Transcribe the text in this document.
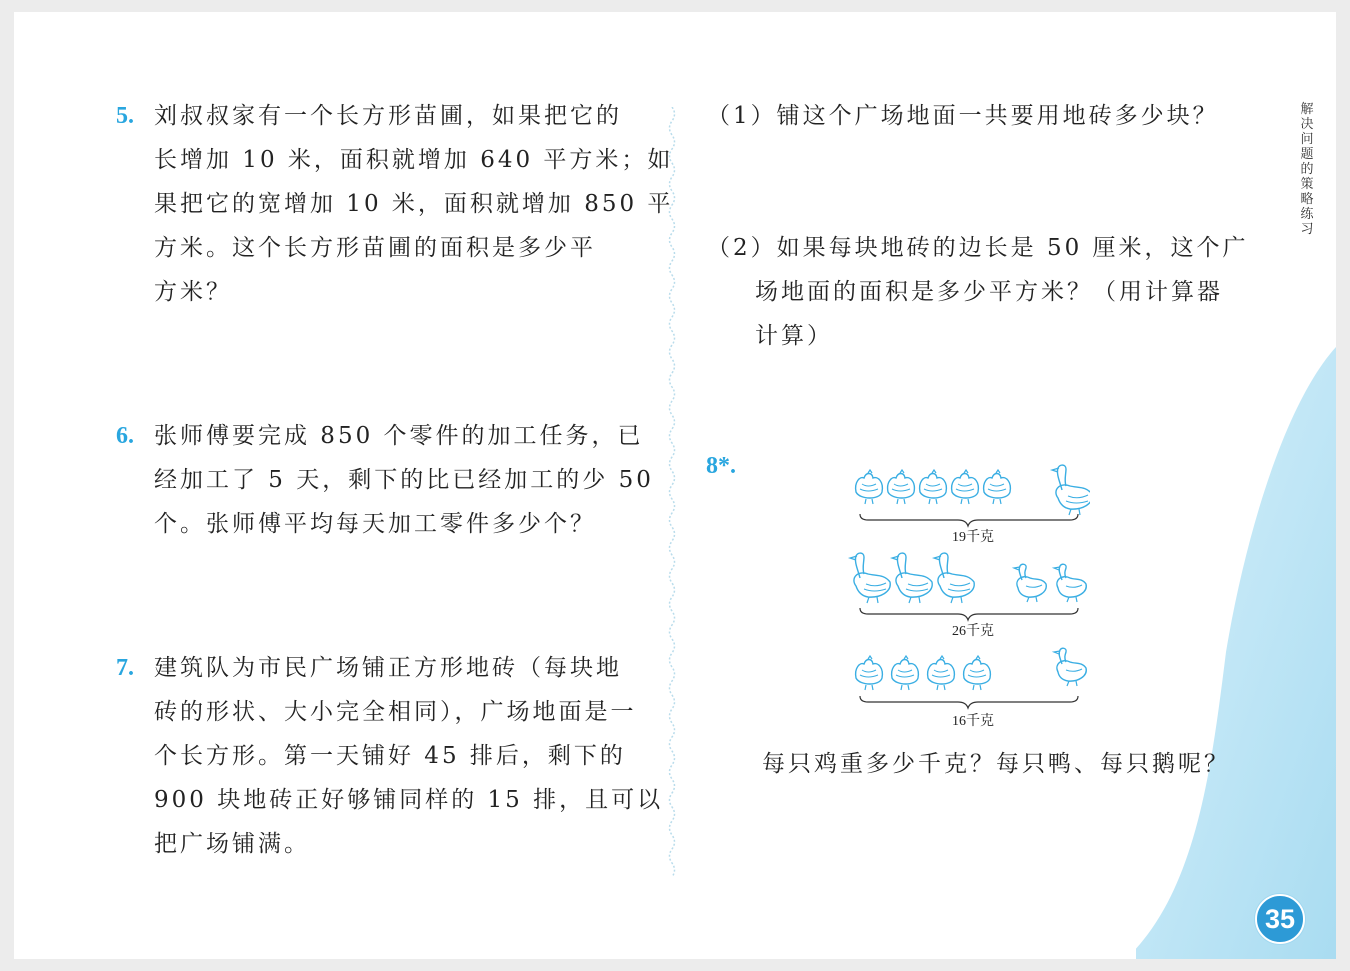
5. 刘叔叔家有一个长方形苗圃，如果把它的
长增加 10 米，面积就增加 640 平方米；如
果把它的宽增加 10 米，面积就增加 850 平
方米。这个长方形苗圃的面积是多少平
方米？
6. 张师傅要完成 850 个零件的加工任务，已
经加工了 5 天，剩下的比已经加工的少 50
个。张师傅平均每天加工零件多少个？
7. 建筑队为市民广场铺正方形地砖（每块地
砖的形状、大小完全相同），广场地面是一
个长方形。第一天铺好 45 排后，剩下的
900 块地砖正好够铺同样的 15 排，且可以
把广场铺满。
（1）铺这个广场地面一共要用地砖多少块？
（2）如果每块地砖的边长是 50 厘米，这个广
场地面的面积是多少平方米？（用计算器
计算）
8*.
19千克
26千克
16千克
每只鸡重多少千克？每只鸭、每只鹅呢？
解决问题的策略练习
35
